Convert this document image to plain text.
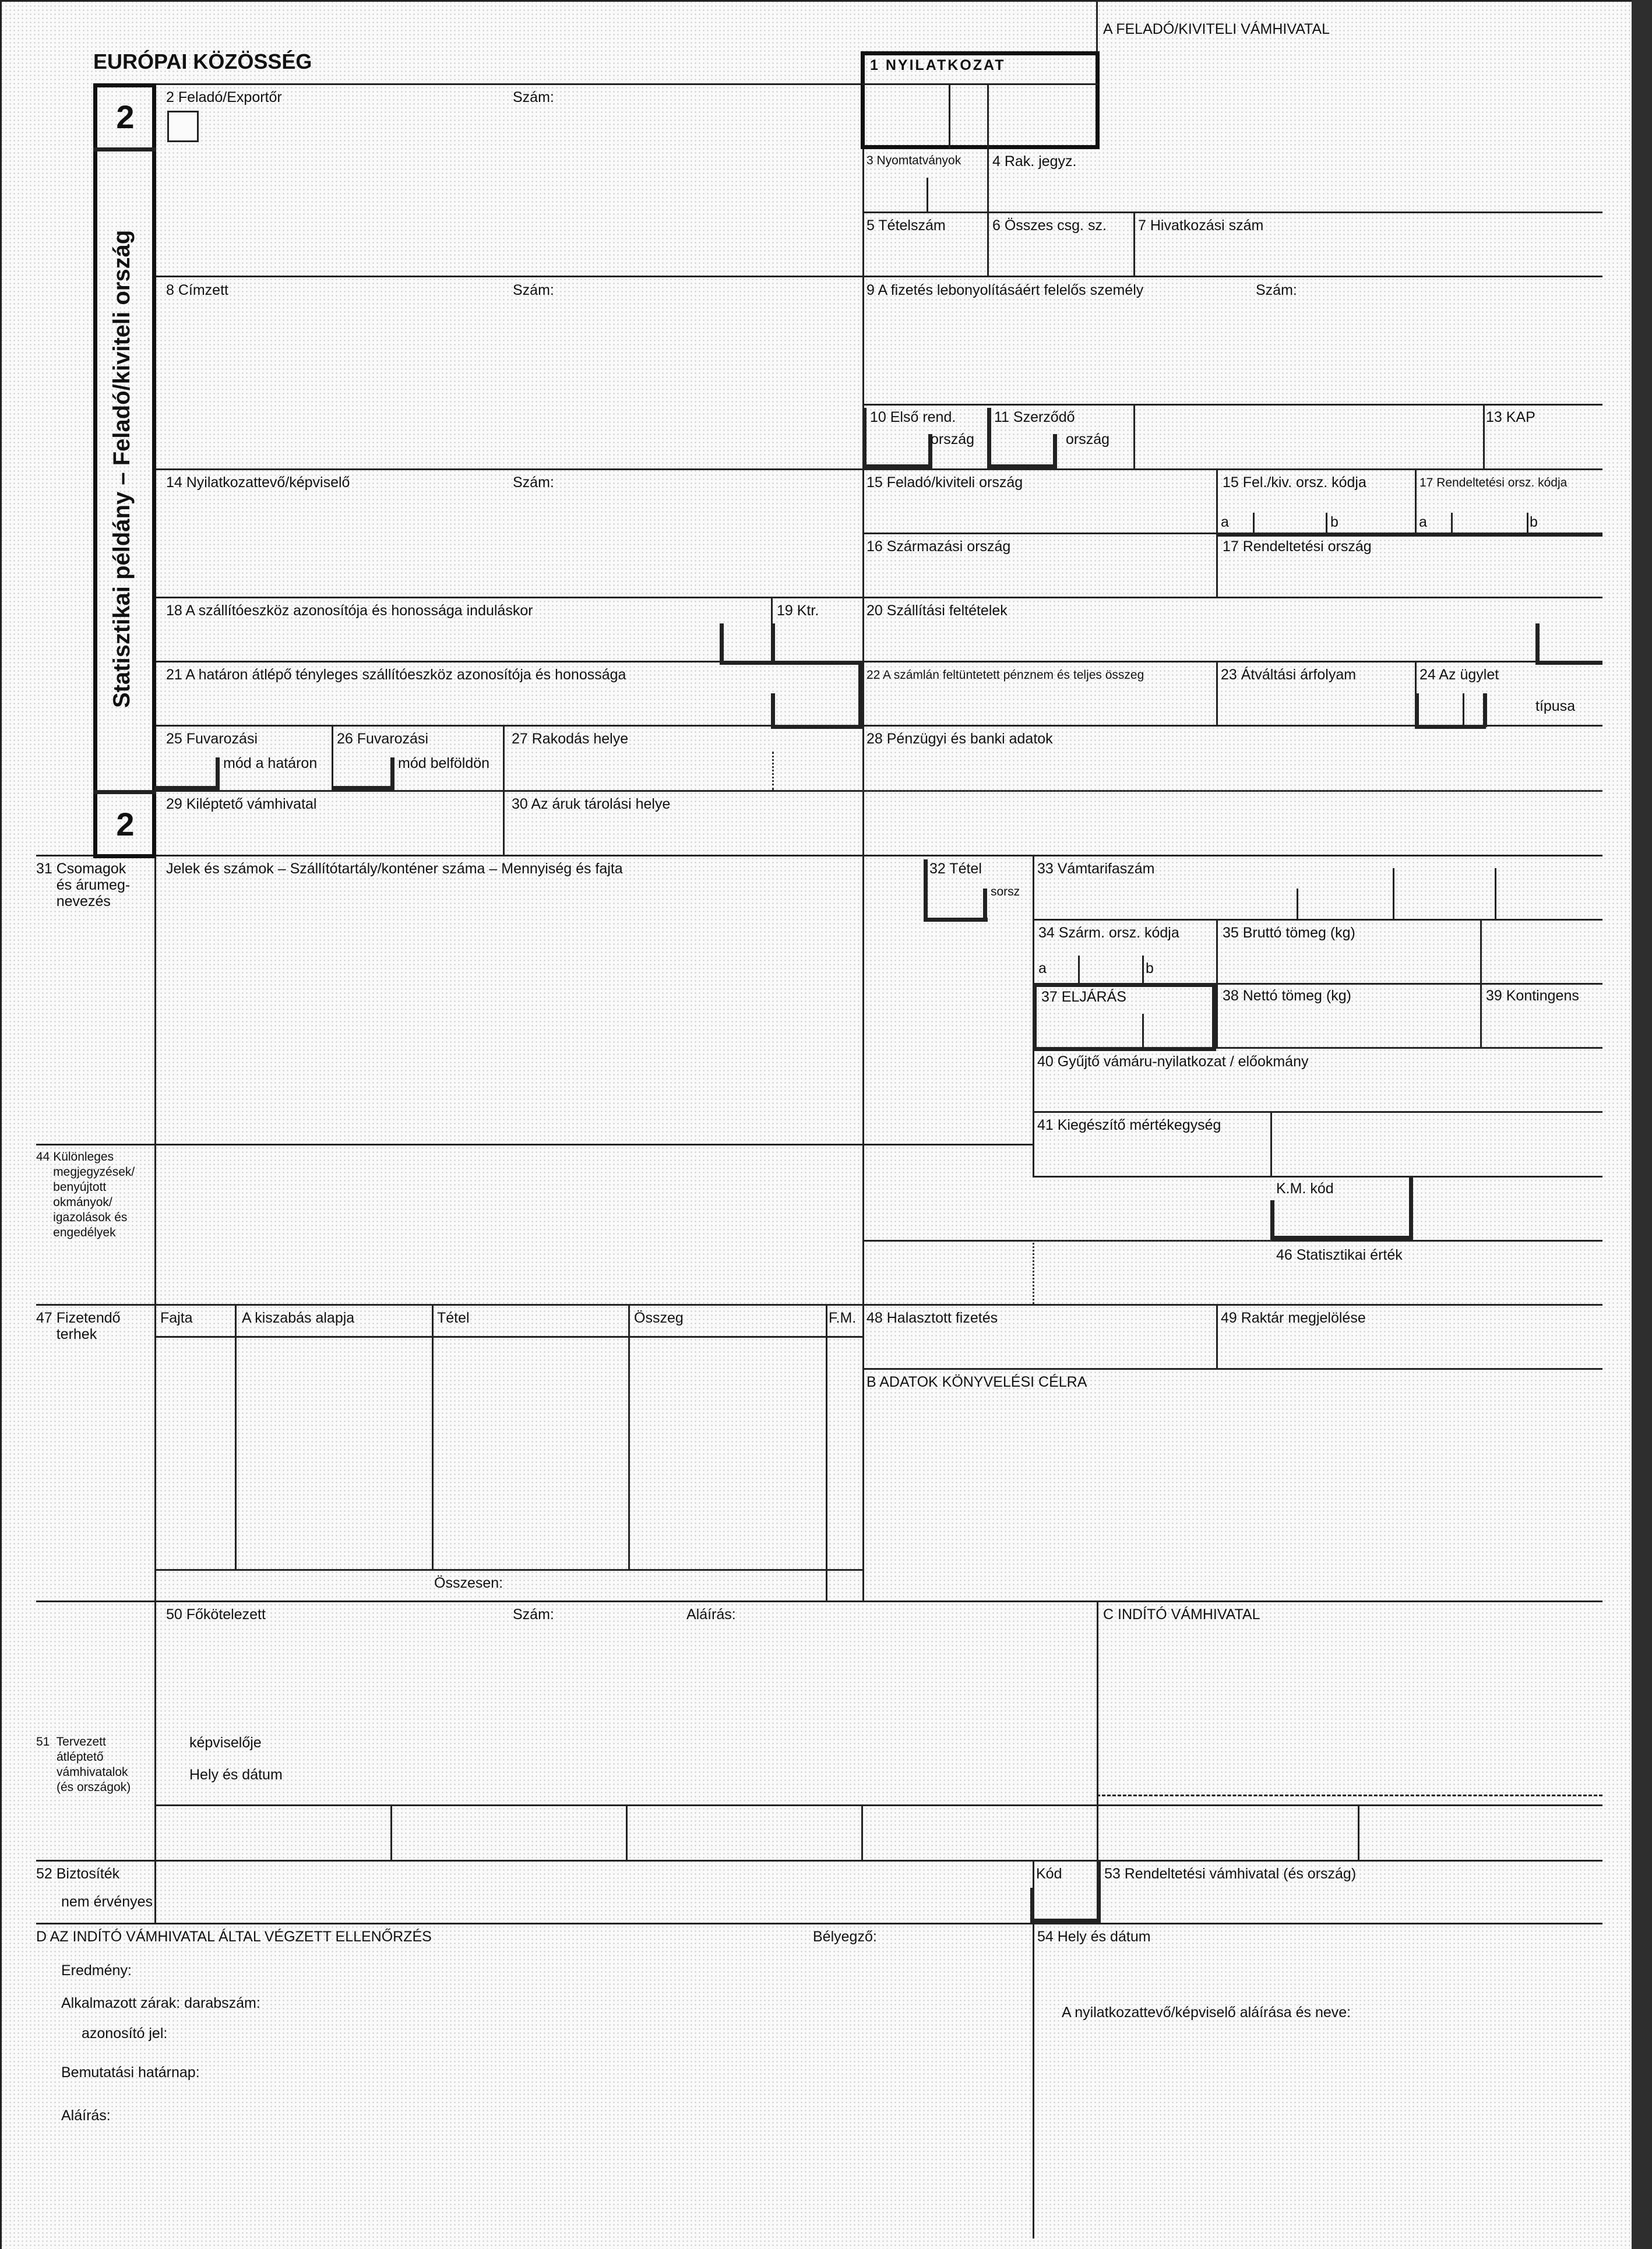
2
2
Statisztikai példány – Feladó/kiviteli ország
EURÓPAI KÖZÖSSÉG
A FELADÓ/KIVITELI VÁMHIVATAL
1 NYILATKOZAT
2 Feladó/Exportőr	Szám:
3 Nyomtatványok 4 Rak. jegyz.
5 Tételszám	6 Összes csg. sz. 7 Hivatkozási szám
8 Címzett	Szám:	9 A fizetés lebonyolításáért felelős személy	Szám:
10 Első rend.
ország
11 Szerződő
ország
13 KAP
14 Nyilatkozattevő/képviselő	Szám:	15 Feladó/kiviteli ország	15 Fel./kiv. orsz. kódja	17 Rendeltetési orsz. kódja
a	b	a	b
16 Származási ország	17 Rendeltetési ország
18 A szállítóeszköz azonosítója és honossága induláskor	19 Ktr.	20 Szállítási feltételek
21 A határon átlépő tényleges szállítóeszköz azonosítója és honossága	22 A számlán feltüntetett pénznem és teljes összeg	23 Átváltási árfolyam	24 Az ügylet
típusa
25 Fuvarozási
mód a határon
26 Fuvarozási
mód belföldön
27 Rakodás helye	28 Pénzügyi és banki adatok
29 Kiléptető vámhivatal	30 Az áruk tárolási helye
31 Csomagok
és árumeg-
nevezés
Jelek és számok – Szállítótartály/konténer száma – Mennyiség és fajta	32 Tétel
sorsz
33 Vámtarifaszám
34 Szárm. orsz. kódja	35 Bruttó tömeg (kg)
a	b
37 ELJÁRÁS	38 Nettó tömeg (kg)	39 Kontingens
40 Gyűjtő vámáru-nyilatkozat / előokmány
41 Kiegészítő mértékegység
44 Különleges
megjegyzések/
benyújtott
okmányok/
igazolások és
engedélyek
K.M. kód
46 Statisztikai érték
47 Fizetendő
terhek
Fajta	A kiszabás alapja	Tétel	Összeg	F.M.
Összesen:
48 Halasztott fizetés	49 Raktár megjelölése
B ADATOK KÖNYVELÉSI CÉLRA
50 Főkötelezett	Szám:	Aláírás:	C INDÍTÓ VÁMHIVATAL
képviselője
Hely és dátum
51  Tervezett
átléptető
vámhivatalok
(és országok)
52 Biztosíték
nem érvényes
Kód	53 Rendeltetési vámhivatal (és ország)
D AZ INDÍTÓ VÁMHIVATAL ÁLTAL VÉGZETT ELLENŐRZÉS	Bélyegző:	54 Hely és dátum
Eredmény:
Alkalmazott zárak: darabszám:
azonosító jel:
Bemutatási határnap:
Aláírás:
A nyilatkozattevő/képviselő aláírása és neve:
